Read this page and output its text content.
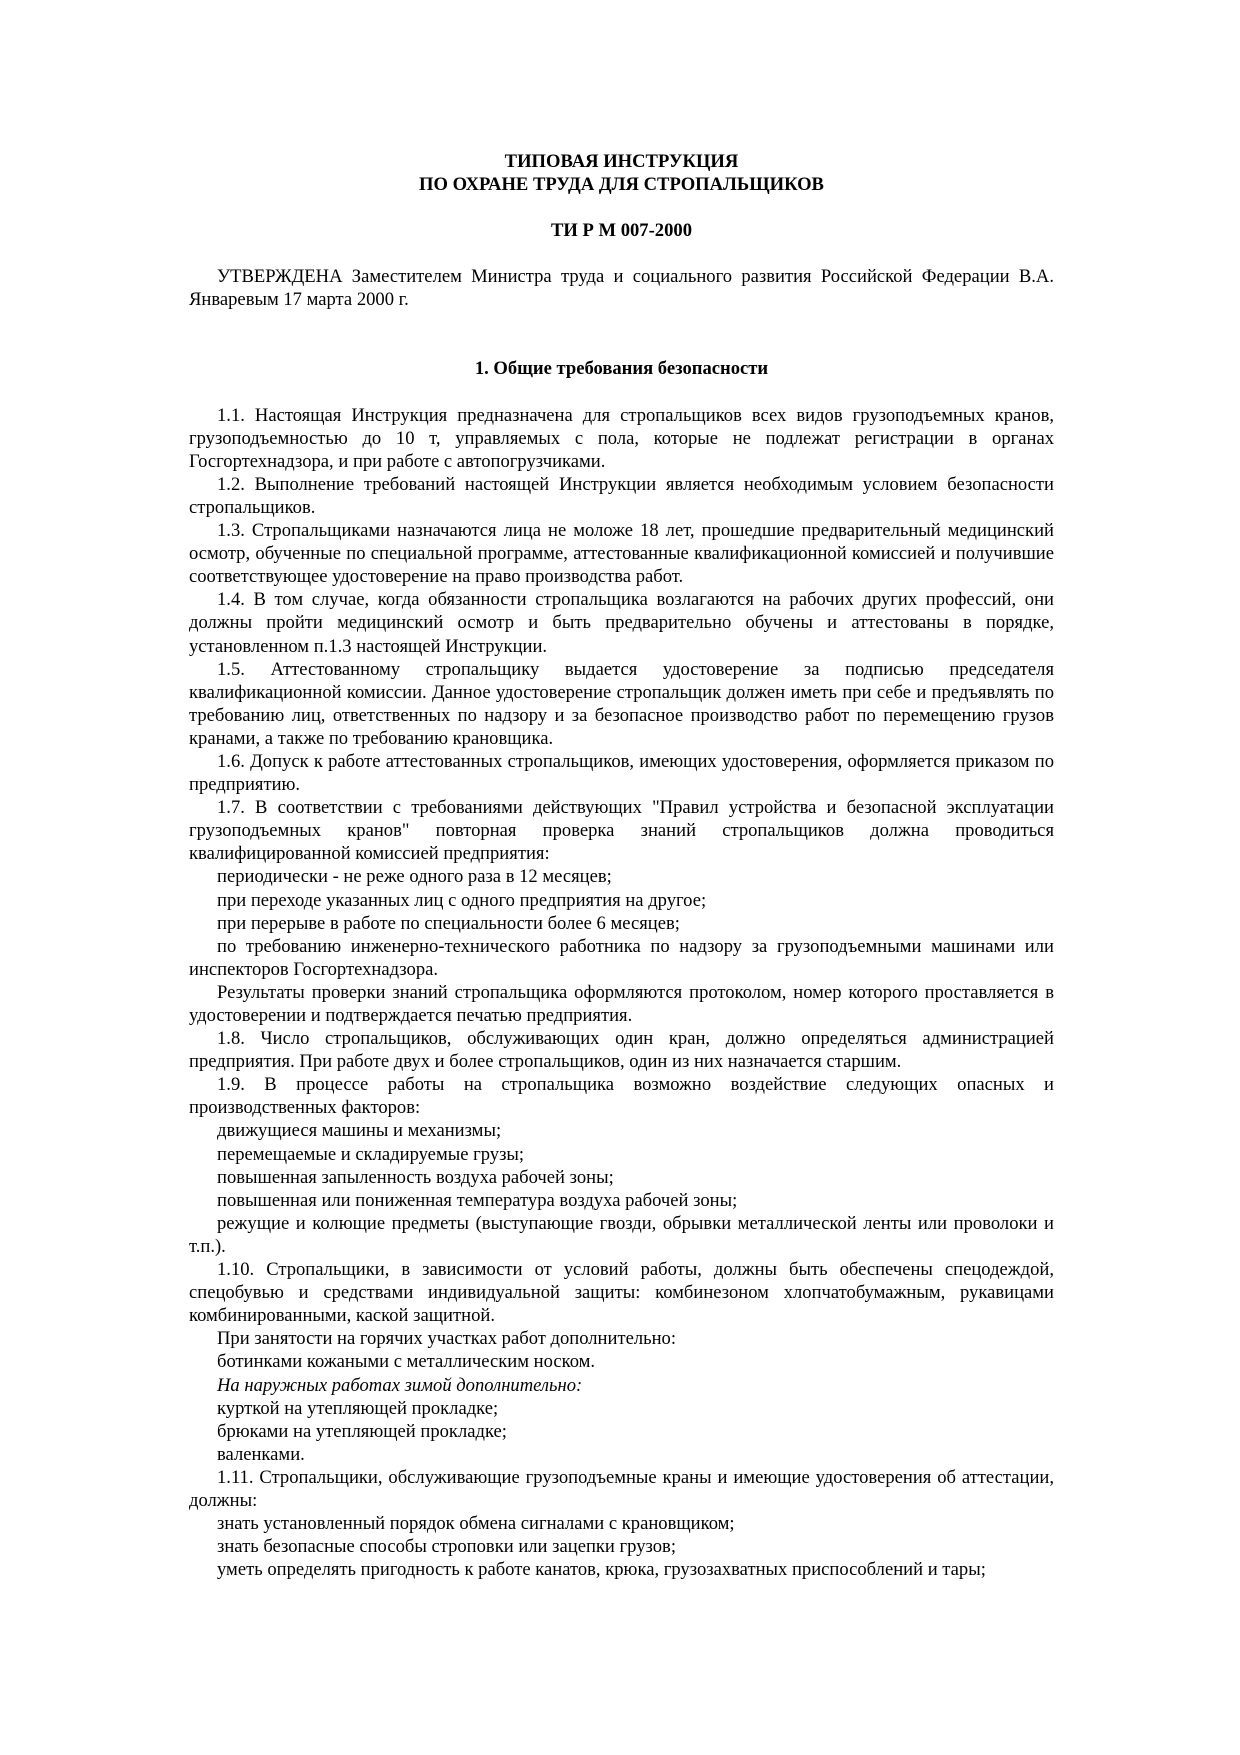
ТИПОВАЯ ИНСТРУКЦИЯ
ПО ОХРАНЕ ТРУДА ДЛЯ СТРОПАЛЬЩИКОВ
ТИ Р М 007-2000

УТВЕРЖДЕНА Заместителем Министра труда и социального развития Российской Федерации В.А. Январевым 17 марта 2000 г.

1. Общие требования безопасности

1.1. Настоящая Инструкция предназначена для стропальщиков всех видов грузоподъемных кранов, грузоподъемностью до 10 т, управляемых с пола, которые не подлежат регистрации в органах Госгортехнадзора, и при работе с автопогрузчиками.

1.2. Выполнение требований настоящей Инструкции является необходимым условием безопасности стропальщиков.

1.3. Стропальщиками назначаются лица не моложе 18 лет, прошедшие предварительный медицинский осмотр, обученные по специальной программе, аттестованные квалификационной комиссией и получившие соответствующее удостоверение на право производства работ.

1.4. В том случае, когда обязанности стропальщика возлагаются на рабочих других профессий, они должны пройти медицинский осмотр и быть предварительно обучены и аттестованы в порядке, установленном п.1.3 настоящей Инструкции.

1.5. Аттестованному стропальщику выдается удостоверение за подписью председателя квалификационной комиссии. Данное удостоверение стропальщик должен иметь при себе и предъявлять по требованию лиц, ответственных по надзору и за безопасное производство работ по перемещению грузов кранами, а также по требованию крановщика.

1.6. Допуск к работе аттестованных стропальщиков, имеющих удостоверения, оформляется приказом по предприятию.

1.7. В соответствии с требованиями действующих "Правил устройства и безопасной эксплуатации грузоподъемных кранов" повторная проверка знаний стропальщиков должна проводиться квалифицированной комиссией предприятия:

периодически - не реже одного раза в 12 месяцев;

при переходе указанных лиц с одного предприятия на другое;

при перерыве в работе по специальности более 6 месяцев;

по требованию инженерно-технического работника по надзору за грузоподъемными машинами или инспекторов Госгортехнадзора.

Результаты проверки знаний стропальщика оформляются протоколом, номер которого проставляется в удостоверении и подтверждается печатью предприятия.

1.8. Число стропальщиков, обслуживающих один кран, должно определяться администрацией предприятия. При работе двух и более стропальщиков, один из них назначается старшим.

1.9. В процессе работы на стропальщика возможно воздействие следующих опасных и производственных факторов:

движущиеся машины и механизмы;

перемещаемые и складируемые грузы;

повышенная запыленность воздуха рабочей зоны;

повышенная или пониженная температура воздуха рабочей зоны;

режущие и колющие предметы (выступающие гвозди, обрывки металлической ленты или проволоки и т.п.).

1.10. Стропальщики, в зависимости от условий работы, должны быть обеспечены спецодеждой, спецобувью и средствами индивидуальной защиты: комбинезоном хлопчатобумажным, рукавицами комбинированными, каской защитной.

При занятости на горячих участках работ дополнительно:

ботинками кожаными с металлическим носком.

На наружных работах зимой дополнительно:

курткой на утепляющей прокладке;

брюками на утепляющей прокладке;

валенками.

1.11. Стропальщики, обслуживающие грузоподъемные краны и имеющие удостоверения об аттестации, должны:

знать установленный порядок обмена сигналами с крановщиком;

знать безопасные способы строповки или зацепки грузов;

уметь определять пригодность к работе канатов, крюка, грузозахватных приспособлений и тары;
